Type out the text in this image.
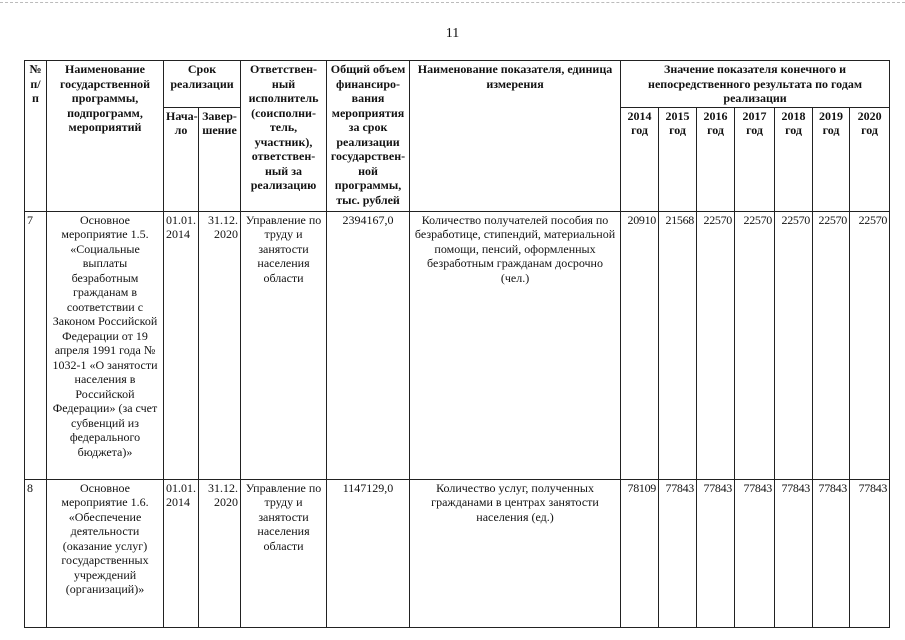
11
№ п/п	Наименование государственной программы, подпрограмм, мероприятий	Срок реализации		Ответствен-ный исполнитель (соисполни-тель, участник), ответствен-ный за реализацию	Общий объем финансиро-вания мероприятия за срок реализации государствен-ной программы, тыс. рублей	Наименование показателя, единица измерения	Значение показателя конечного и непосредственного результата по годам реализации						
		Нача-ло	Завер-шение				2014 год	2015 год	2016 год	2017 год	2018 год	2019 год	2020 год
7	Основное мероприятие 1.5. «Социальные выплаты безработным гражданам в соответствии с Законом Российской Федерации от 19 апреля 1991 года № 1032-1 «О занятости населения в Российской Федерации» (за счет субвенций из федерального бюджета)»	01.01. 2014	31.12. 2020	Управление по труду и занятости населения области	2394167,0	Количество получателей пособия по безработице, стипендий, материальной помощи, пенсий, оформленных безработным гражданам досрочно (чел.)	20910	21568	22570	22570	22570	22570	22570
8	Основное мероприятие 1.6. «Обеспечение деятельности (оказание услуг) государственных учреждений (организаций)»	01.01. 2014	31.12. 2020	Управление по труду и занятости населения области	1147129,0	Количество услуг, полученных гражданами в центрах занятости населения (ед.)	78109	77843	77843	77843	77843	77843	77843
